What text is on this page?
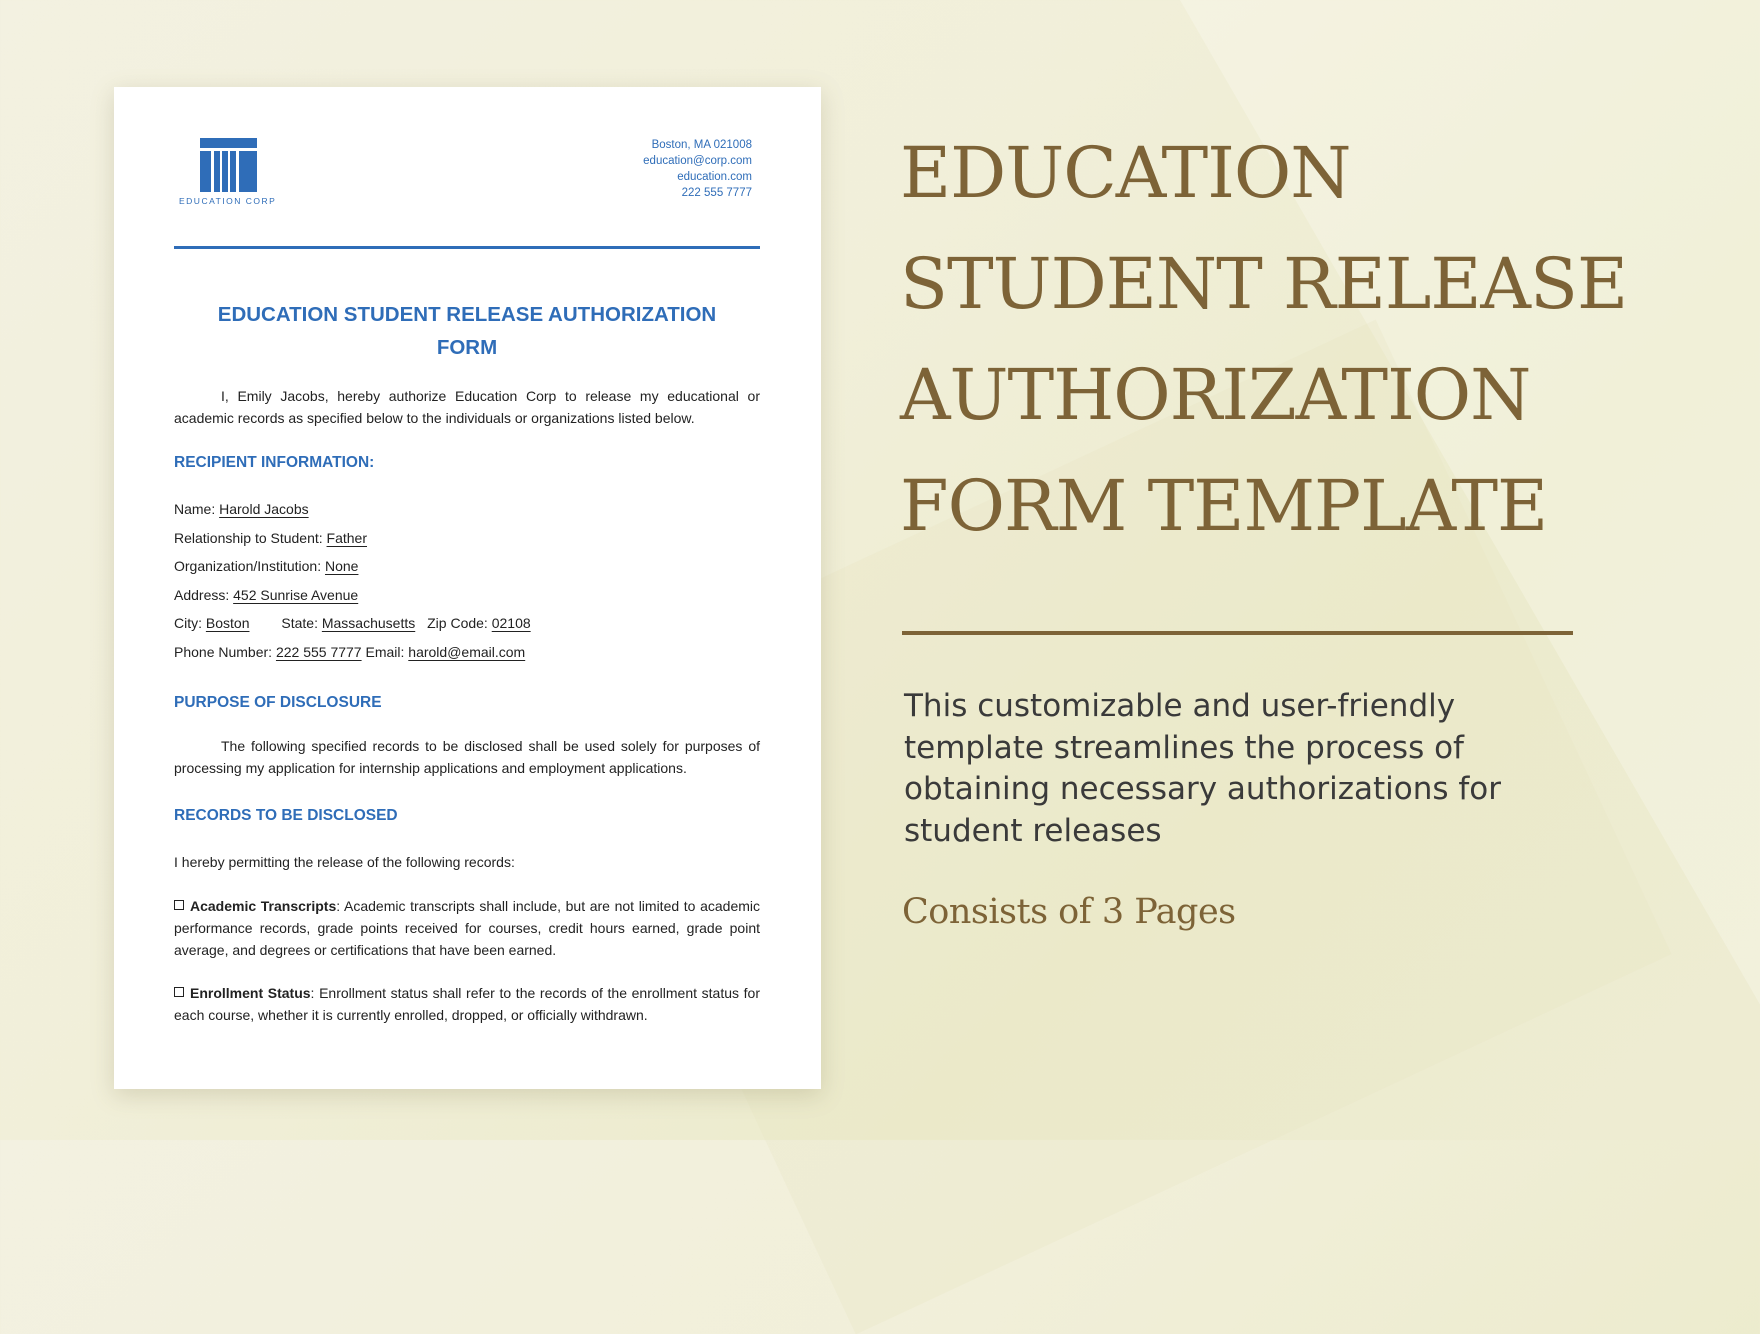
EDUCATION CORP
Boston, MA 021008
education@corp.com
education.com
222 555 7777
EDUCATION STUDENT RELEASE AUTHORIZATION
FORM

I, Emily Jacobs, hereby authorize Education Corp to release my educational or academic records as specified below to the individuals or organizations listed below.

RECIPIENT INFORMATION:
Name: Harold Jacobs
Relationship to Student: Father
Organization/Institution: None
Address: 452 Sunrise Avenue
City: Boston State: Massachusetts Zip Code: 02108
Phone Number: 222 555 7777 Email: harold@email.com
PURPOSE OF DISCLOSURE

The following specified records to be disclosed shall be used solely for purposes of processing my application for internship applications and employment applications.

RECORDS TO BE DISCLOSED
I hereby permitting the release of the following records:

Academic Transcripts: Academic transcripts shall include, but are not limited to academic performance records, grade points received for courses, credit hours earned, grade point average, and degrees or certifications that have been earned.

Enrollment Status: Enrollment status shall refer to the records of the enrollment status for each course, whether it is currently enrolled, dropped, or officially withdrawn.

EDUCATION
STUDENT RELEASE
AUTHORIZATION
FORM TEMPLATE
This customizable and user-friendly template streamlines the process of obtaining necessary authorizations for student releases
Consists of 3 Pages
